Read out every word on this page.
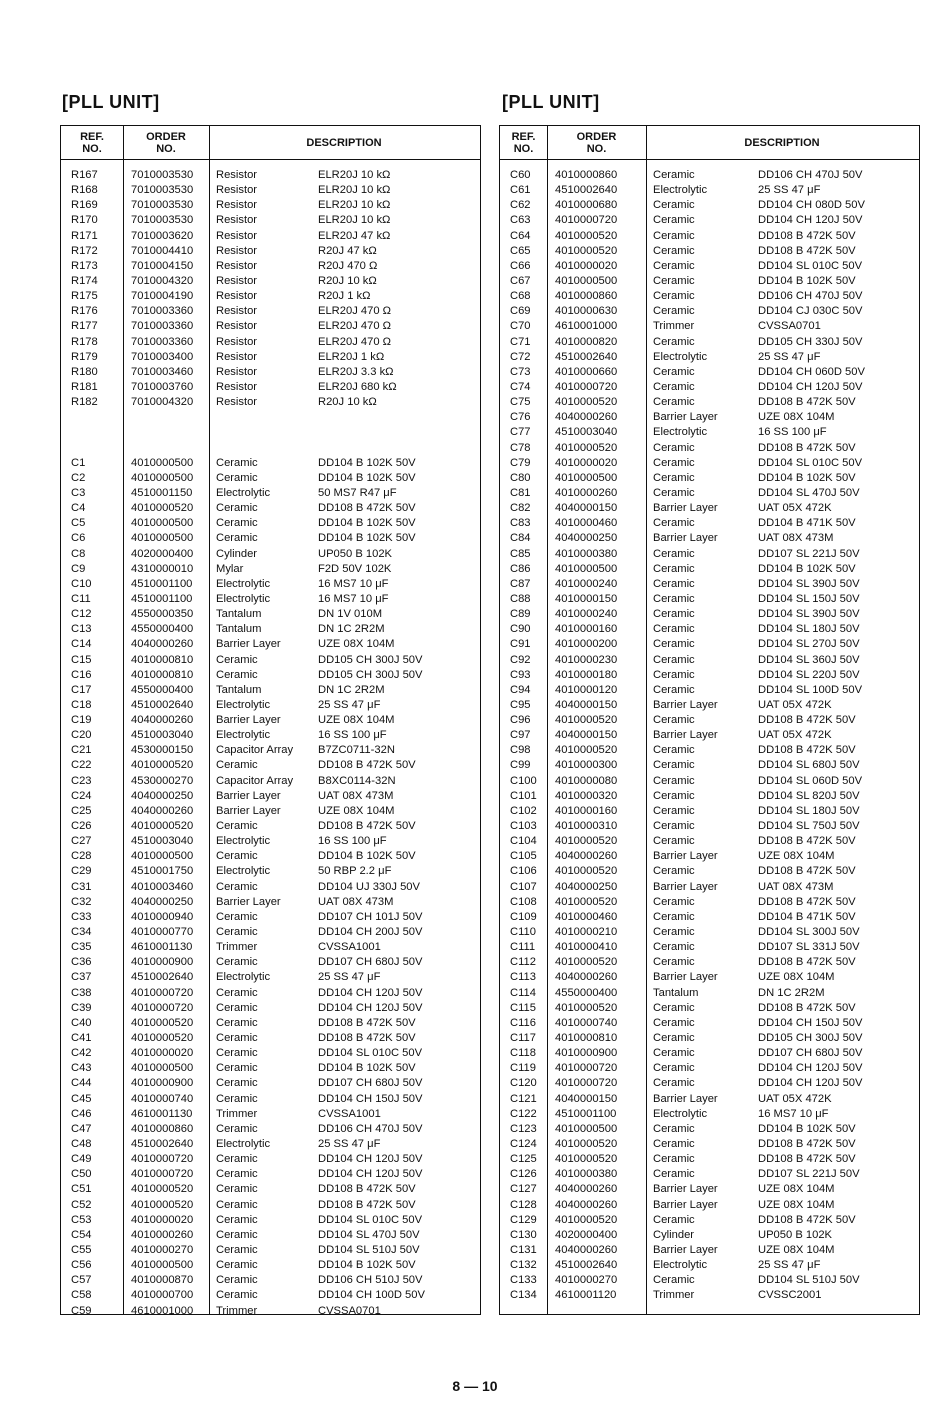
[PLL UNIT]	[PLL UNIT]
REF.
NO.
ORDER
NO.	DESCRIPTION
R167	7010003530 Resistor	ELR20J 10 kΩ
R168	7010003530 Resistor	ELR20J 10 kΩ
R169	7010003530 Resistor	ELR20J 10 kΩ
R170	7010003530 Resistor	ELR20J 10 kΩ
R171	7010003620 Resistor	ELR20J 47 kΩ
R172	7010004410 Resistor	R20J 47 kΩ
R173	7010004150 Resistor	R20J 470 Ω
R174	7010004320 Resistor	R20J 10 kΩ
R175	7010004190 Resistor	R20J 1 kΩ
R176	7010003360 Resistor	ELR20J 470 Ω
R177	7010003360 Resistor	ELR20J 470 Ω
R178	7010003360 Resistor	ELR20J 470 Ω
R179	7010003400 Resistor	ELR20J 1 kΩ
R180	7010003460 Resistor	ELR20J 3.3 kΩ
R181	7010003760 Resistor	ELR20J 680 kΩ
R182	7010004320 Resistor	R20J 10 kΩ
C1	4010000500 Ceramic	DD104 B 102K 50V
C2	4010000500 Ceramic	DD104 B 102K 50V
C3	4510001150 Electrolytic	50 MS7 R47 μF
C4	4010000520 Ceramic	DD108 B 472K 50V
C5	4010000500 Ceramic	DD104 B 102K 50V
C6	4010000500 Ceramic	DD104 B 102K 50V
C8	4020000400 Cylinder	UP050 B 102K
C9	4310000010 Mylar	F2D 50V 102K
C10	4510001100 Electrolytic	16 MS7 10 μF
C11	4510001100 Electrolytic	16 MS7 10 μF
C12	4550000350 Tantalum	DN 1V 010M
C13	4550000400 Tantalum	DN 1C 2R2M
C14	4040000260 Barrier Layer	UZE 08X 104M
C15	4010000810 Ceramic	DD105 CH 300J 50V
C16	4010000810 Ceramic	DD105 CH 300J 50V
C17	4550000400 Tantalum	DN 1C 2R2M
C18	4510002640 Electrolytic	25 SS 47 μF
C19	4040000260 Barrier Layer	UZE 08X 104M
C20	4510003040 Electrolytic	16 SS 100 μF
C21	4530000150 Capacitor Array B7ZC0711-32N
C22	4010000520 Ceramic	DD108 B 472K 50V
C23	4530000270 Capacitor Array B8XC0114-32N
C24	4040000250 Barrier Layer	UAT 08X 473M
C25	4040000260 Barrier Layer	UZE 08X 104M
C26	4010000520 Ceramic	DD108 B 472K 50V
C27	4510003040 Electrolytic	16 SS 100 μF
C28	4010000500 Ceramic	DD104 B 102K 50V
C29	4510001750 Electrolytic	50 RBP 2.2 μF
C31	4010003460 Ceramic	DD104 UJ 330J 50V
C32	4040000250 Barrier Layer	UAT 08X 473M
C33	4010000940 Ceramic	DD107 CH 101J 50V
C34	4010000770 Ceramic	DD104 CH 200J 50V
C35	4610001130 Trimmer	CVSSA1001
C36	4010000900 Ceramic	DD107 CH 680J 50V
C37	4510002640 Electrolytic	25 SS 47 μF
C38	4010000720 Ceramic	DD104 CH 120J 50V
C39	4010000720 Ceramic	DD104 CH 120J 50V
C40	4010000520 Ceramic	DD108 B 472K 50V
C41	4010000520 Ceramic	DD108 B 472K 50V
C42	4010000020 Ceramic	DD104 SL 010C 50V
C43	4010000500 Ceramic	DD104 B 102K 50V
C44	4010000900 Ceramic	DD107 CH 680J 50V
C45	4010000740 Ceramic	DD104 CH 150J 50V
C46	4610001130 Trimmer	CVSSA1001
C47	4010000860 Ceramic	DD106 CH 470J 50V
C48	4510002640 Electrolytic	25 SS 47 μF
C49	4010000720 Ceramic	DD104 CH 120J 50V
C50	4010000720 Ceramic	DD104 CH 120J 50V
C51	4010000520 Ceramic	DD108 B 472K 50V
C52	4010000520 Ceramic	DD108 B 472K 50V
C53	4010000020 Ceramic	DD104 SL 010C 50V
C54	4010000260 Ceramic	DD104 SL 470J 50V
C55	4010000270 Ceramic	DD104 SL 510J 50V
C56	4010000500 Ceramic	DD104 B 102K 50V
C57	4010000870 Ceramic	DD106 CH 510J 50V
C58	4010000700 Ceramic	DD104 CH 100D 50V
C59	4610001000 Trimmer	CVSSA0701
REF.
NO.
ORDER
NO.	DESCRIPTION
C60 4010000860	Ceramic	DD106 CH 470J 50V
C61 4510002640	Electrolytic	25 SS 47 μF
C62 4010000680	Ceramic	DD104 CH 080D 50V
C63 4010000720	Ceramic	DD104 CH 120J 50V
C64 4010000520	Ceramic	DD108 B 472K 50V
C65 4010000520	Ceramic	DD108 B 472K 50V
C66 4010000020	Ceramic	DD104 SL 010C 50V
C67 4010000500	Ceramic	DD104 B 102K 50V
C68 4010000860	Ceramic	DD106 CH 470J 50V
C69 4010000630	Ceramic	DD104 CJ 030C 50V
C70 4610001000	Trimmer	CVSSA0701
C71 4010000820	Ceramic	DD105 CH 330J 50V
C72 4510002640	Electrolytic	25 SS 47 μF
C73 4010000660	Ceramic	DD104 CH 060D 50V
C74 4010000720	Ceramic	DD104 CH 120J 50V
C75 4010000520	Ceramic	DD108 B 472K 50V
C76 4040000260	Barrier Layer	UZE 08X 104M
C77 4510003040	Electrolytic	16 SS 100 μF
C78 4010000520	Ceramic	DD108 B 472K 50V
C79 4010000020	Ceramic	DD104 SL 010C 50V
C80 4010000500	Ceramic	DD104 B 102K 50V
C81 4010000260	Ceramic	DD104 SL 470J 50V
C82 4040000150	Barrier Layer	UAT 05X 472K
C83 4010000460	Ceramic	DD104 B 471K 50V
C84 4040000250	Barrier Layer	UAT 08X 473M
C85 4010000380	Ceramic	DD107 SL 221J 50V
C86 4010000500	Ceramic	DD104 B 102K 50V
C87 4010000240	Ceramic	DD104 SL 390J 50V
C88 4010000150	Ceramic	DD104 SL 150J 50V
C89 4010000240	Ceramic	DD104 SL 390J 50V
C90 4010000160	Ceramic	DD104 SL 180J 50V
C91 4010000200	Ceramic	DD104 SL 270J 50V
C92 4010000230	Ceramic	DD104 SL 360J 50V
C93 4010000180	Ceramic	DD104 SL 220J 50V
C94 4010000120	Ceramic	DD104 SL 100D 50V
C95 4040000150	Barrier Layer	UAT 05X 472K
C96 4010000520	Ceramic	DD108 B 472K 50V
C97 4040000150	Barrier Layer	UAT 05X 472K
C98 4010000520	Ceramic	DD108 B 472K 50V
C99 4010000300	Ceramic	DD104 SL 680J 50V
C100 4010000080	Ceramic	DD104 SL 060D 50V
C101 4010000320	Ceramic	DD104 SL 820J 50V
C102 4010000160	Ceramic	DD104 SL 180J 50V
C103 4010000310	Ceramic	DD104 SL 750J 50V
C104 4010000520	Ceramic	DD108 B 472K 50V
C105 4040000260	Barrier Layer	UZE 08X 104M
C106 4010000520	Ceramic	DD108 B 472K 50V
C107 4040000250	Barrier Layer	UAT 08X 473M
C108 4010000520	Ceramic	DD108 B 472K 50V
C109 4010000460	Ceramic	DD104 B 471K 50V
C110 4010000210	Ceramic	DD104 SL 300J 50V
C111 4010000410	Ceramic	DD107 SL 331J 50V
C112 4010000520	Ceramic	DD108 B 472K 50V
C113 4040000260	Barrier Layer	UZE 08X 104M
C114 4550000400	Tantalum	DN 1C 2R2M
C115 4010000520	Ceramic	DD108 B 472K 50V
C116 4010000740	Ceramic	DD104 CH 150J 50V
C117 4010000810	Ceramic	DD105 CH 300J 50V
C118 4010000900	Ceramic	DD107 CH 680J 50V
C119 4010000720	Ceramic	DD104 CH 120J 50V
C120 4010000720	Ceramic	DD104 CH 120J 50V
C121 4040000150	Barrier Layer	UAT 05X 472K
C122 4510001100	Electrolytic	16 MS7 10 μF
C123 4010000500	Ceramic	DD104 B 102K 50V
C124 4010000520	Ceramic	DD108 B 472K 50V
C125 4010000520	Ceramic	DD108 B 472K 50V
C126 4010000380	Ceramic	DD107 SL 221J 50V
C127 4040000260	Barrier Layer	UZE 08X 104M
C128 4040000260	Barrier Layer	UZE 08X 104M
C129 4010000520	Ceramic	DD108 B 472K 50V
C130 4020000400	Cylinder	UP050 B 102K
C131 4040000260	Barrier Layer	UZE 08X 104M
C132 4510002640	Electrolytic	25 SS 47 μF
C133 4010000270	Ceramic	DD104 SL 510J 50V
C134 4610001120	Trimmer	CVSSC2001
8 — 10
